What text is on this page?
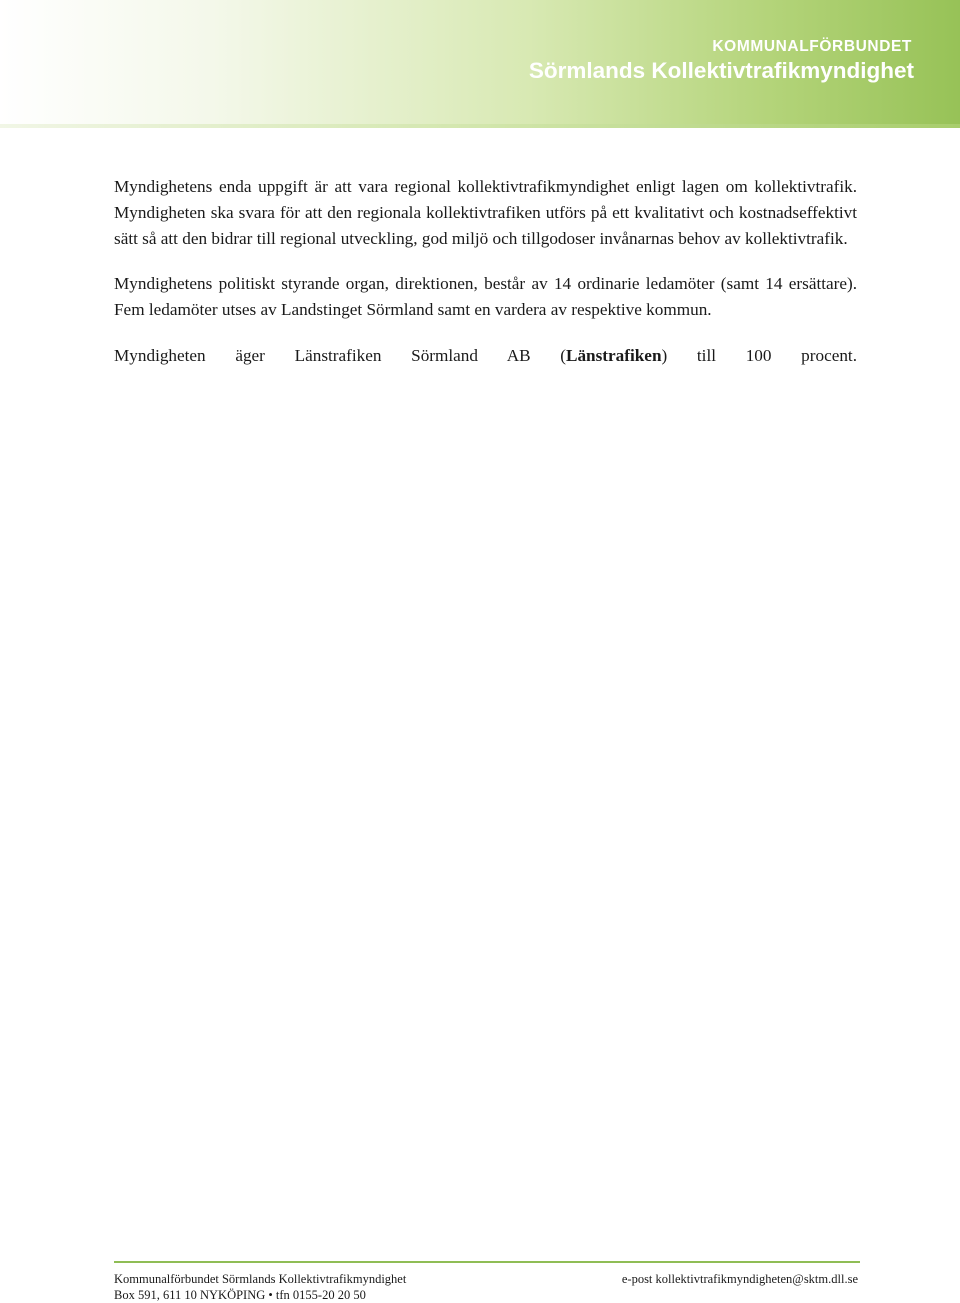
KOMMUNALFÖRBUNDET
Sörmlands Kollektivtrafikmyndighet

Myndighetens enda uppgift är att vara regional kollektivtrafikmyndighet enligt lagen om kollektivtrafik. Myndigheten ska svara för att den regionala kollektivtrafiken utförs på ett kvalitativt och kostnadseffektivt sätt så att den bidrar till regional utveckling, god miljö och tillgodoser invånarnas behov av kollektivtrafik.

Myndighetens politiskt styrande organ, direktionen, består av 14 ordinarie ledamöter (samt 14 ersättare). Fem ledamöter utses av Landstinget Sörmland samt en vardera av respektive kommun.

Myndigheten äger Länstrafiken Sörmland AB (Länstrafiken) till 100 procent.

Kommunalförbundet Sörmlands Kollektivtrafikmyndighet	e-post kollektivtrafikmyndigheten@sktm.dll.se
Box 591, 611 10 NYKÖPING • tfn 0155-20 20 50
